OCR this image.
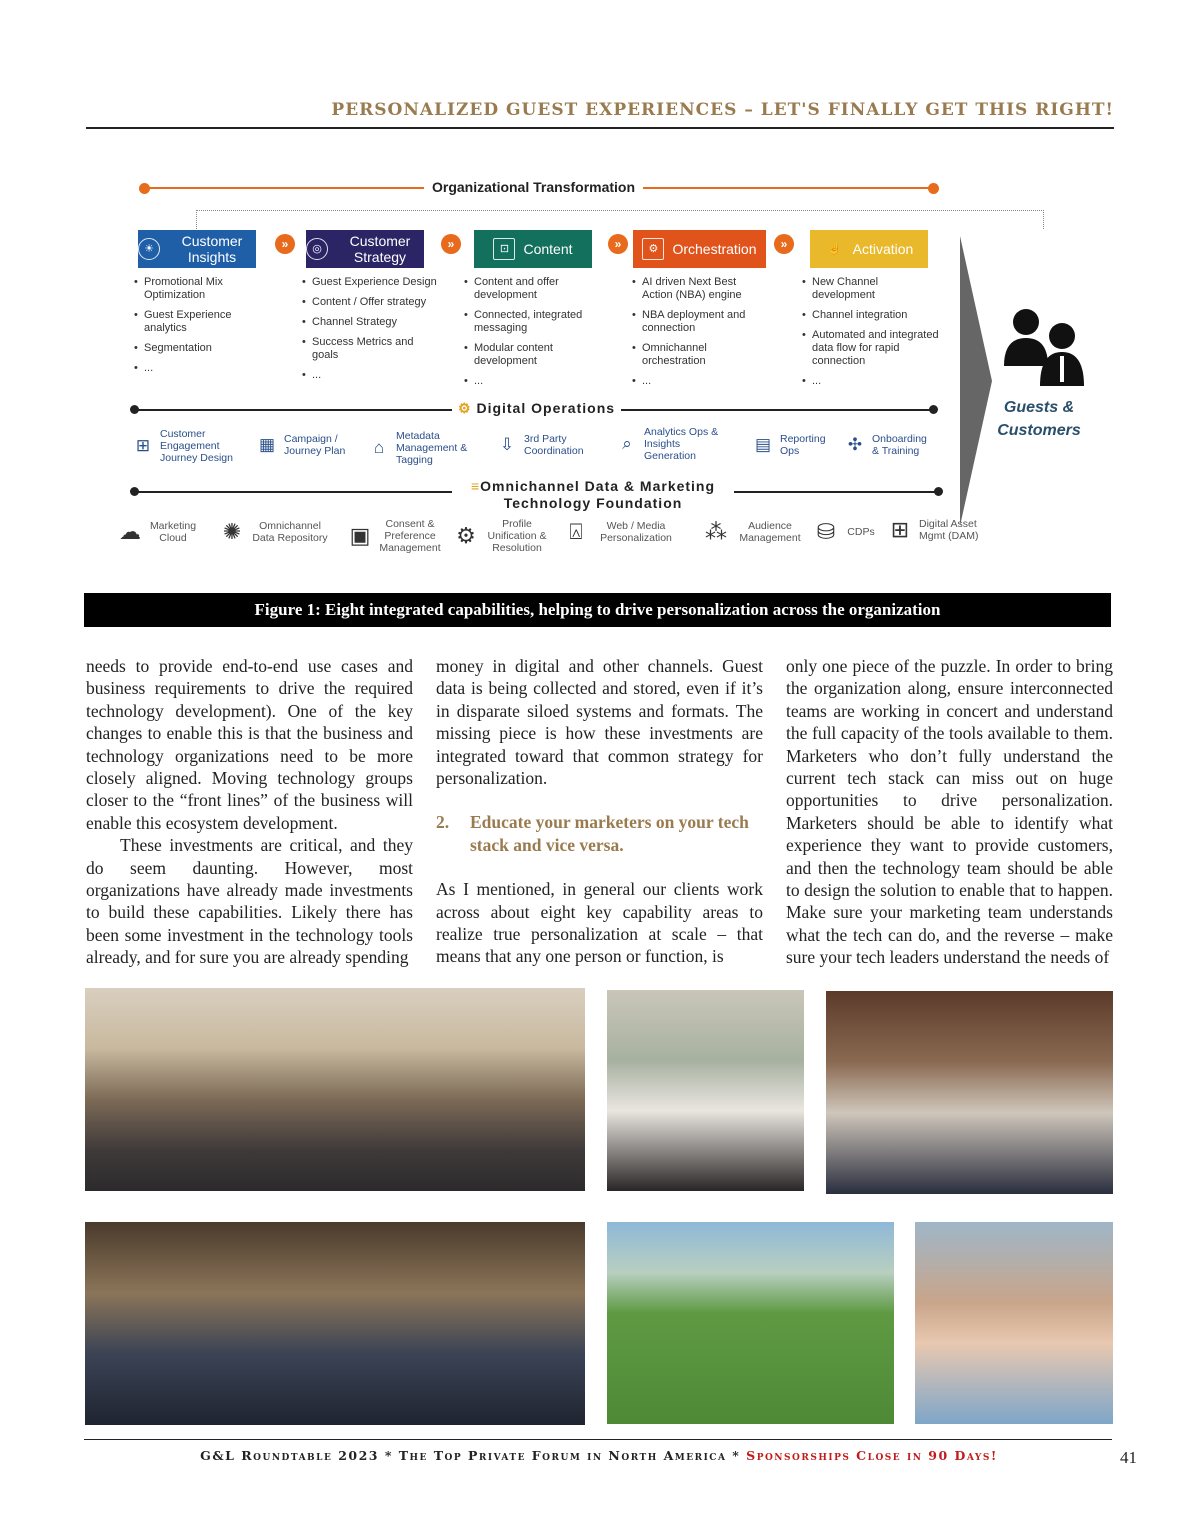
PERSONALIZED GUEST EXPERIENCES – LET'S FINALLY GET THIS RIGHT!
Organizational Transformation
☀	Customer Insights
»	◎	Customer Strategy
»	⊡	Content	»	⚙	Orchestration	»	☝ Activation
• Promotional Mix Optimization
• Guest Experience analytics
• Segmentation
• ...
• Guest Experience Design
• Content / Offer strategy
• Channel Strategy
• Success Metrics and goals
• ...
• Content and offer development
• Connected, integrated messaging
• Modular content development
• ...
• AI driven Next Best Action (NBA) engine
• NBA deployment and connection
• Omnichannel orchestration
• ...
• New Channel development
• Channel integration
• Automated and integrated data flow for rapid connection
• ...
Guests &
Customers
⚙ Digital Operations
⊞
Customer Engagement Journey Design
▦ Campaign / Journey Plan	⌂
Metadata Management & Tagging
⇩ 3rd Party Coordination	⌕
Analytics Ops & Insights Generation
▤ Reporting Ops	✣ Onboarding & Training
≡Omnichannel Data & Marketing
Technology Foundation
☁ Marketing Cloud	✺	Omnichannel Data Repository ▣	Consent & Preference Management ⚙	Profile Unification & Resolution
⍓	Web / Media Personalization ⁂	Audience Management ⛁	CDPs ⊞ Digital Asset Mgmt (DAM)
Figure 1: Eight integrated capabilities, helping to drive personalization across the organization

needs to provide end-to-end use cases and business requirements to drive the required technology development). One of the key changes to enable this is that the business and technology organizations need to be more closely aligned. Moving technology groups closer to the “front lines” of the business will enable this ecosystem development.

These investments are critical, and they do seem daunting. However, most organizations have already made investments to build these capabilities. Likely there has been some investment in the technology tools already, and for sure you are already spending

money in digital and other channels. Guest data is being collected and stored, even if it’s in disparate siloed systems and formats. The missing piece is how these investments are integrated toward that common strategy for personalization.

2.	Educate your marketers on your tech stack and vice versa.

As I mentioned, in general our clients work across about eight key capability areas to realize true personalization at scale – that means that any one person or function, is

only one piece of the puzzle. In order to bring the organization along, ensure interconnected teams are working in concert and understand the full capacity of the tools available to them. Marketers who don’t fully understand the current tech stack can miss out on huge opportunities to drive personalization. Marketers should be able to identify what experience they want to provide customers, and then the technology team should be able to design the solution to enable that to happen. Make sure your marketing team understands what the tech can do, and the reverse – make sure your tech leaders understand the needs of

G&L Roundtable 2023 * The Top Private Forum in North America * Sponsorships Close in 90 Days!	41
